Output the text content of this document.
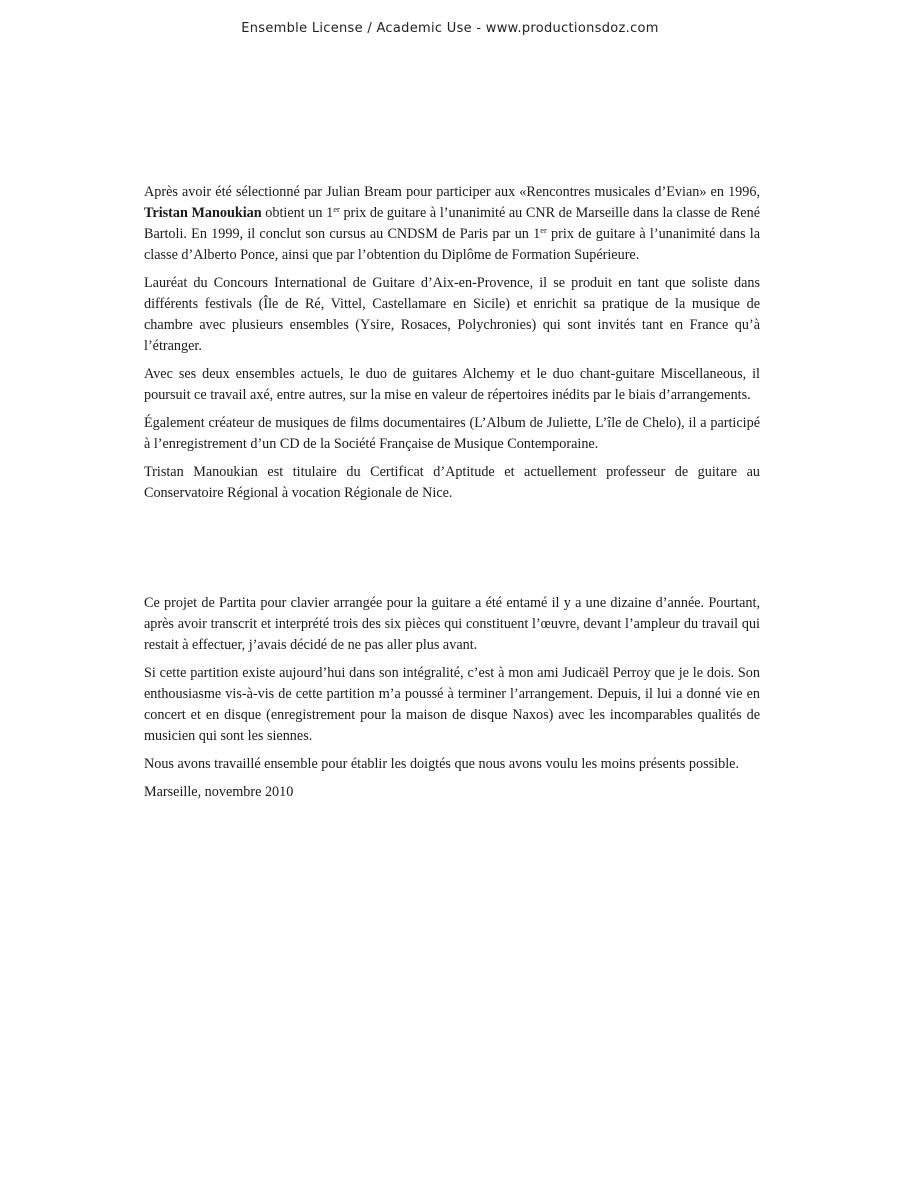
Ensemble License / Academic Use - www.productionsdoz.com

Après avoir été sélectionné par Julian Bream pour participer aux «Rencontres musicales d’Evian» en 1996, Tristan Manoukian obtient un 1er prix de guitare à l’unanimité au CNR de Marseille dans la classe de René Bartoli. En 1999, il conclut son cursus au CNDSM de Paris par un 1er prix de guitare à l’unanimité dans la classe d’Alberto Ponce, ainsi que par l’obtention du Diplôme de Formation Supérieure.

Lauréat du Concours International de Guitare d’Aix-en-Provence, il se produit en tant que soliste dans différents festivals (Île de Ré, Vittel, Castellamare en Sicile) et enrichit sa pratique de la musique de chambre avec plusieurs ensembles (Ysire, Rosaces, Polychronies) qui sont invités tant en France qu’à l’étranger.

Avec ses deux ensembles actuels, le duo de guitares Alchemy et le duo chant-guitare Miscellaneous, il poursuit ce travail axé, entre autres, sur la mise en valeur de répertoires inédits par le biais d’arrangements.

Également créateur de musiques de films documentaires (L’Album de Juliette, L’île de Chelo), il a participé à l’enregistrement d’un CD de la Société Française de Musique Contemporaine.

Tristan Manoukian est titulaire du Certificat d’Aptitude et actuellement professeur de guitare au Conservatoire Régional à vocation Régionale de Nice.

Ce projet de Partita pour clavier arrangée pour la guitare a été entamé il y a une dizaine d’année. Pourtant, après avoir transcrit et interprété trois des six pièces qui constituent l’œuvre, devant l’ampleur du travail qui restait à effectuer, j’avais décidé de ne pas aller plus avant.

Si cette partition existe aujourd’hui dans son intégralité, c’est à mon ami Judicaël Perroy que je le dois. Son enthousiasme vis-à-vis de cette partition m’a poussé à terminer l’arrangement. Depuis, il lui a donné vie en concert et en disque (enregistrement pour la maison de disque Naxos) avec les incomparables qualités de musicien qui sont les siennes.

Nous avons travaillé ensemble pour établir les doigtés que nous avons voulu les moins présents possible.

Marseille, novembre 2010
